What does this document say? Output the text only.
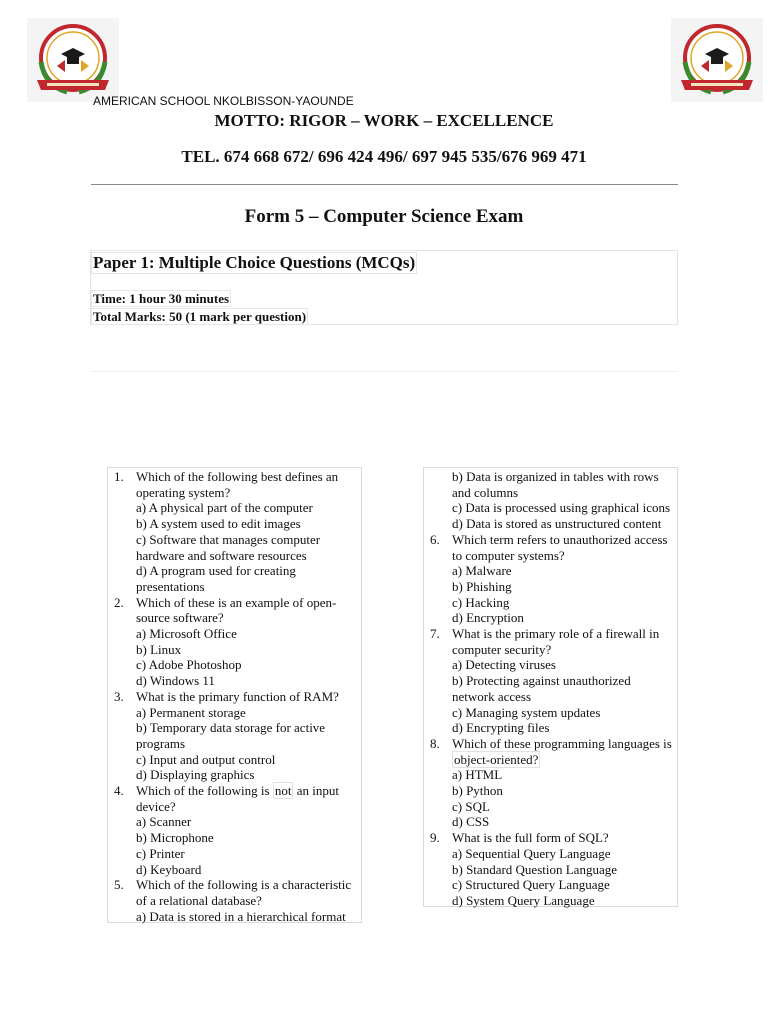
AMERICAN SCHOOL NKOLBISSON-YAOUNDE
MOTTO: RIGOR – WORK – EXCELLENCE
TEL. 674 668 672/ 696 424 496/ 697 945 535/676 969 471
Form 5 – Computer Science Exam
Paper 1: Multiple Choice Questions (MCQs)
Time: 1 hour 30 minutes
Total Marks: 50 (1 mark per question)
1. Which of the following best defines an operating system?
a) A physical part of the computer
b) A system used to edit images
c) Software that manages computer hardware and software resources
d) A program used for creating presentations
2. Which of these is an example of open-source software?
a) Microsoft Office
b) Linux
c) Adobe Photoshop
d) Windows 11
3. What is the primary function of RAM?
a) Permanent storage
b) Temporary data storage for active programs
c) Input and output control
d) Displaying graphics
4. Which of the following is not an input device?
a) Scanner
b) Microphone
c) Printer
d) Keyboard
5. Which of the following is a characteristic of a relational database?
a) Data is stored in a hierarchical format
b) Data is organized in tables with rows and columns
c) Data is processed using graphical icons
d) Data is stored as unstructured content
6. Which term refers to unauthorized access to computer systems?
a) Malware
b) Phishing
c) Hacking
d) Encryption
7. What is the primary role of a firewall in computer security?
a) Detecting viruses
b) Protecting against unauthorized network access
c) Managing system updates
d) Encrypting files
8. Which of these programming languages is object-oriented?
a) HTML
b) Python
c) SQL
d) CSS
9. What is the full form of SQL?
a) Sequential Query Language
b) Standard Question Language
c) Structured Query Language
d) System Query Language
